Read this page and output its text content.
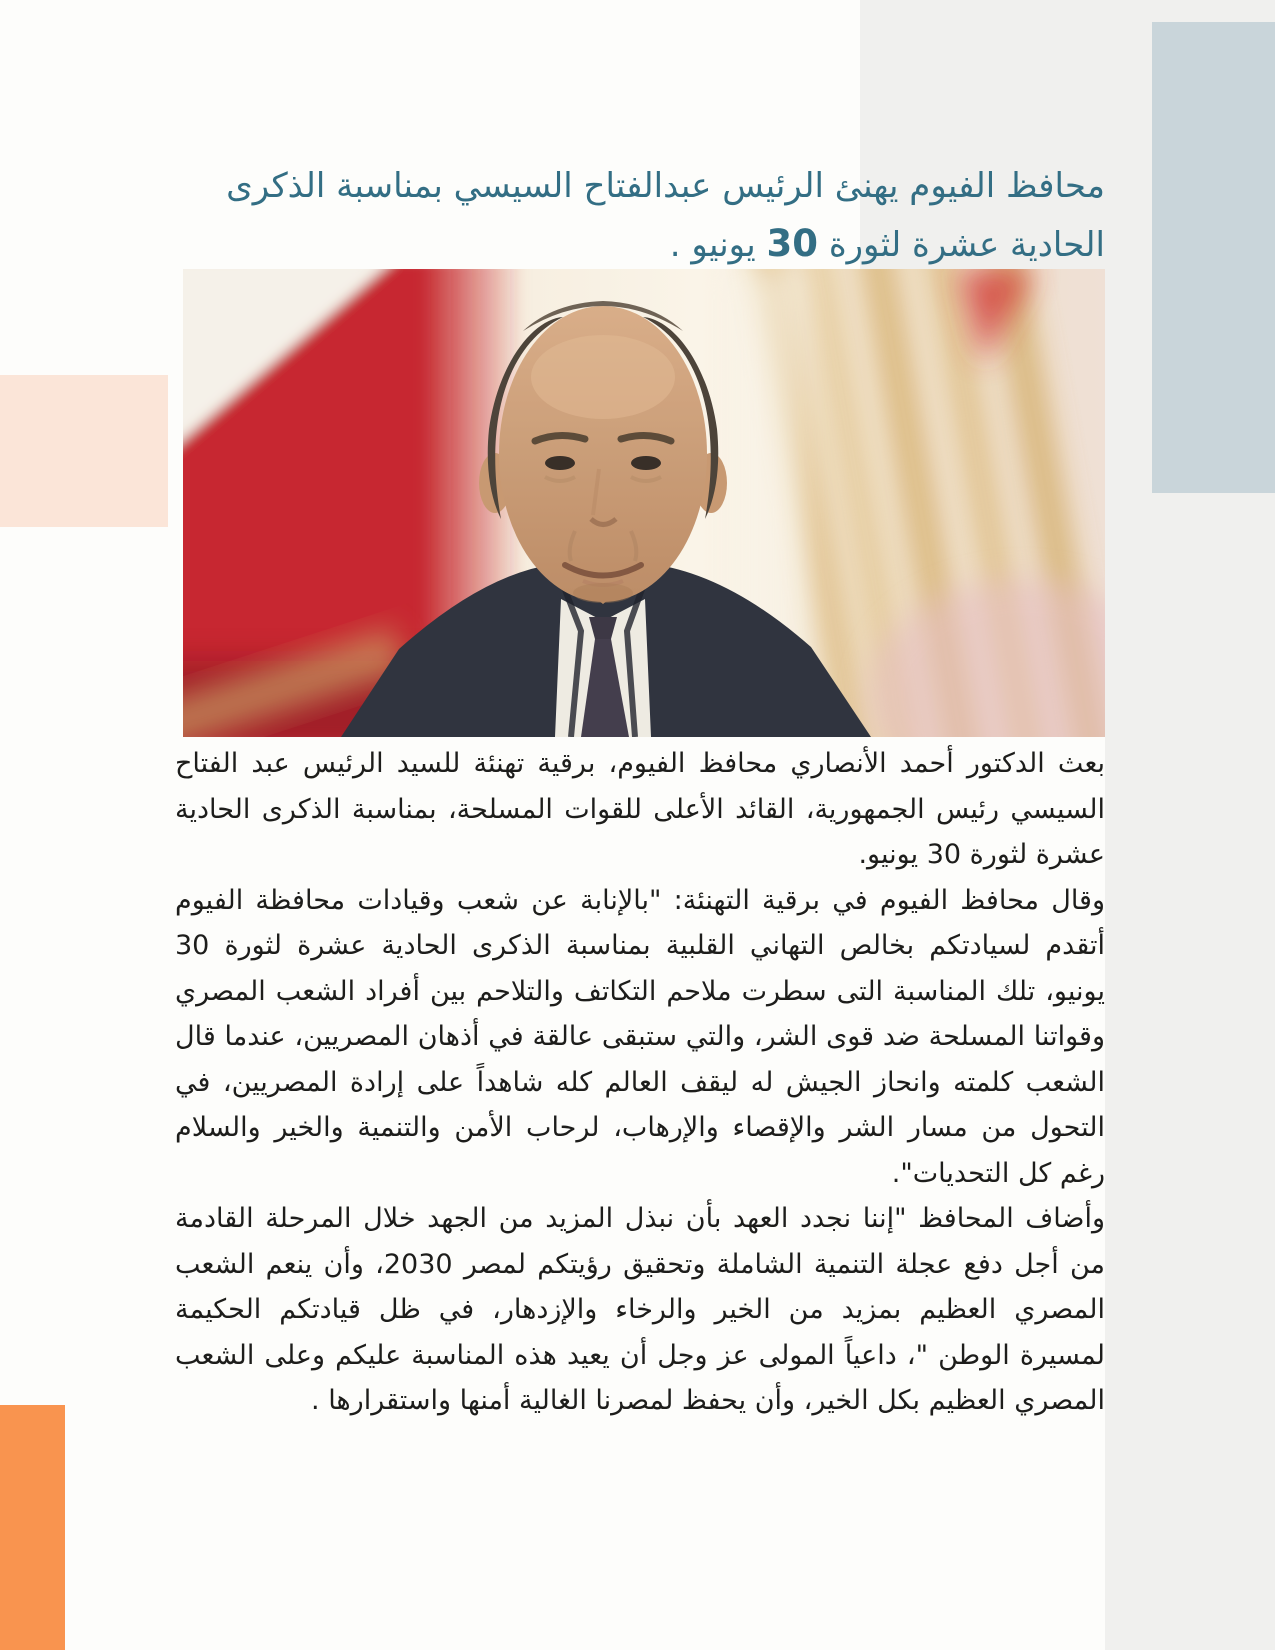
محافظ الفيوم يهنئ الرئيس عبدالفتاح السيسي بمناسبة الذكرى
الحادية عشرة لثورة 30 يونيو .

بعث الدكتور أحمد الأنصاري محافظ الفيوم، برقية تهنئة للسيد الرئيس عبد الفتاح السيسي رئيس الجمهورية، القائد الأعلى للقوات المسلحة، بمناسبة الذكرى الحادية عشرة لثورة 30 يونيو.

وقال محافظ الفيوم في برقية التهنئة: "بالإنابة عن شعب وقيادات محافظة الفيوم أتقدم لسيادتكم بخالص التهاني القلبية بمناسبة الذكرى الحادية عشرة لثورة 30 يونيو، تلك المناسبة التى سطرت ملاحم التكاتف والتلاحم بين أفراد الشعب المصري وقواتنا المسلحة ضد قوى الشر، والتي ستبقى عالقة في أذهان المصريين، عندما قال الشعب كلمته وانحاز الجيش له ليقف العالم كله شاهداً على إرادة المصريين، في التحول من مسار الشر والإقصاء والإرهاب، لرحاب الأمن والتنمية والخير والسلام رغم كل التحديات".

وأضاف المحافظ "إننا نجدد العهد بأن نبذل المزيد من الجهد خلال المرحلة القادمة من أجل دفع عجلة التنمية الشاملة وتحقيق رؤيتكم لمصر 2030، وأن ينعم الشعب المصري العظيم بمزيد من الخير والرخاء والإزدهار، في ظل قيادتكم الحكيمة لمسيرة الوطن "، داعياً المولى عز وجل أن يعيد هذه المناسبة عليكم وعلى الشعب المصري العظيم بكل الخير، وأن يحفظ لمصرنا الغالية أمنها واستقرارها .
